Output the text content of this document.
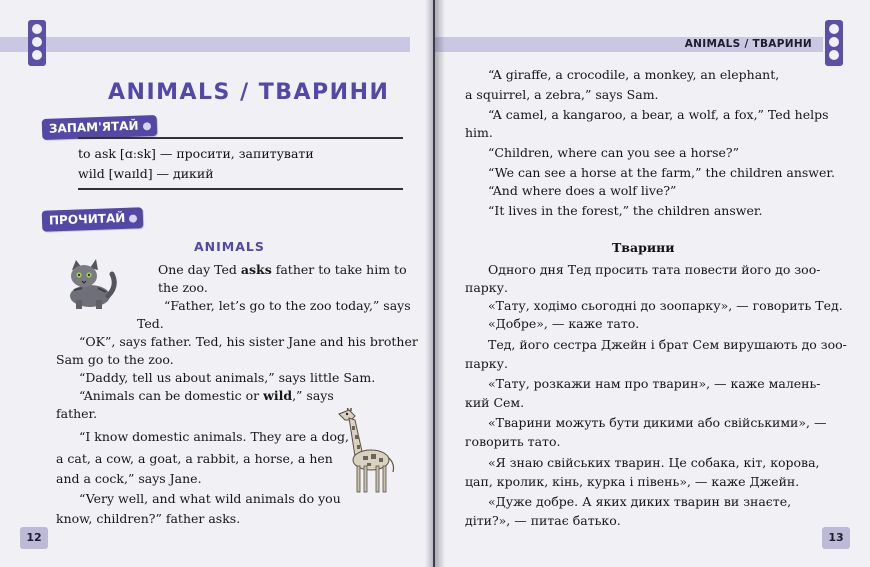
ANIMALS / ТВАРИНИ
ЗАПАМ'ЯТАЙ
to ask [ɑːsk] — просити, запитувати
wild [waɪld] — дикий
ПРОЧИТАЙ
ANIMALS
One day Ted asks father to take him to
the zoo.
“Father, let’s go to the zoo today,” says
Ted.
“OK”, says father. Ted, his sister Jane and his brother
Sam go to the zoo.
“Daddy, tell us about animals,” says little Sam.
“Animals can be domestic or wild,” says
father.
“I know domestic animals. They are a dog,
a cat, a cow, a goat, a rabbit, a horse, a hen
and a cock,” says Jane.
“Very well, and what wild animals do you
know, children?” father asks.
12
ANIMALS / ТВАРИНИ
“A giraffe, a crocodile, a monkey, an elephant,
a squirrel, a zebra,” says Sam.
“A camel, a kangaroo, a bear, a wolf, a fox,” Ted helps
him.
“Children, where can you see a horse?”
“We can see a horse at the farm,” the children answer.
“And where does a wolf live?”
“It lives in the forest,” the children answer.
Тварини
Одного дня Тед просить тата повести його до зоо-
парку.
«Тату, ходімо сьогодні до зоопарку», — говорить Тед.
«Добре», — каже тато.
Тед, його сестра Джейн і брат Сем вирушають до зоо-
парку.
«Тату, розкажи нам про тварин», — каже малень-
кий Сем.
«Тварини можуть бути дикими або свійськими», —
говорить тато.
«Я знаю свійських тварин. Це собака, кіт, корова,
цап, кролик, кінь, курка і півень», — каже Джейн.
«Дуже добре. А яких диких тварин ви знаєте,
діти?», — питає батько.
13
